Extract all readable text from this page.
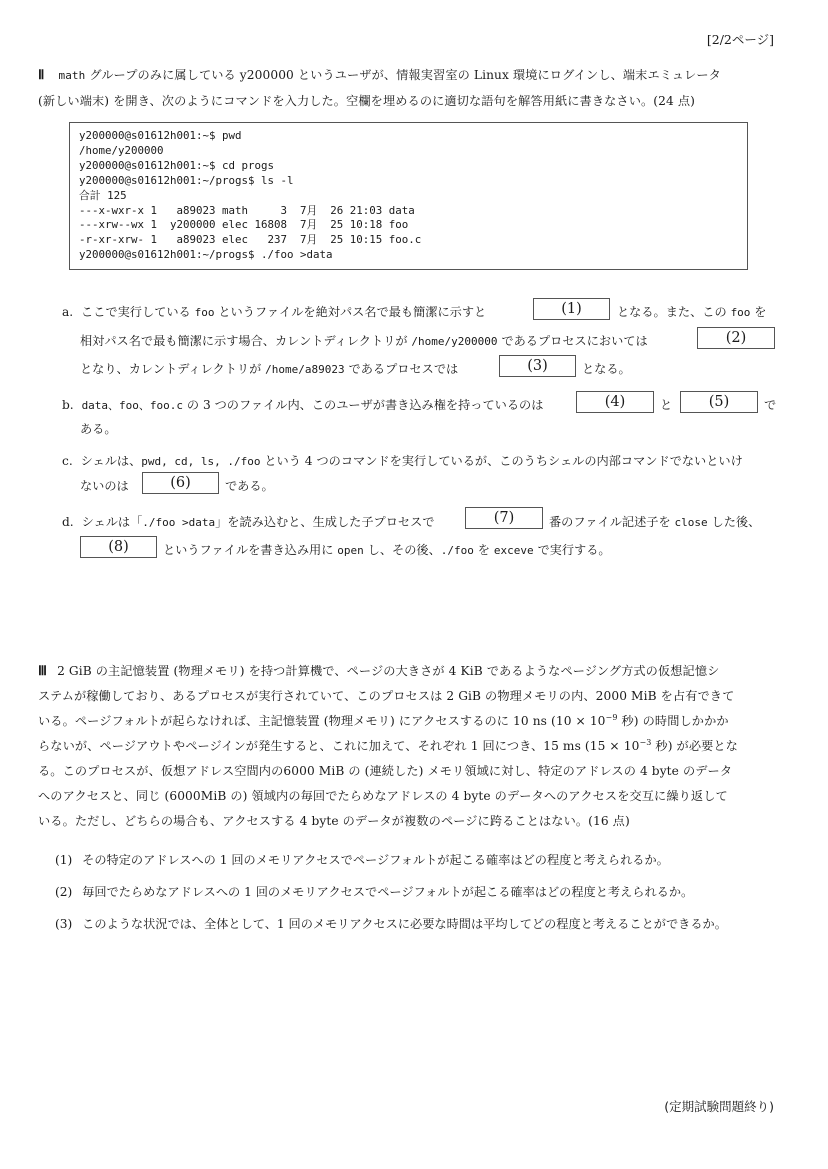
[2/2ページ]
Ⅱ math グループのみに属している y200000 というユーザが、情報実習室の Linux 環境にログインし、端末エミュレータ
(新しい端末) を開き、次のようにコマンドを入力した。空欄を埋めるのに適切な語句を解答用紙に書きなさい。(24 点)
y200000@s01612h001:~$ pwd
/home/y200000
y200000@s01612h001:~$ cd progs
y200000@s01612h001:~/progs$ ls -l
合計 125
---x-wxr-x 1   a89023 math     3  7月  26 21:03 data
---xrw--wx 1  y200000 elec 16808  7月  25 10:18 foo
-r-xr-xrw- 1   a89023 elec   237  7月  25 10:15 foo.c
y200000@s01612h001:~/progs$ ./foo >data
a. ここで実行している foo というファイルを絶対パス名で最も簡潔に示すと	(1)	となる。また、この foo を
相対パス名で最も簡潔に示す場合、カレントディレクトリが /home/y200000 であるプロセスにおいては	(2)
となり、カレントディレクトリが /home/a89023 であるプロセスでは	(3)	となる。
b. data、foo、foo.c の 3 つのファイル内、このユーザが書き込み権を持っているのは	(4)	と	(5)	で
ある。
c. シェルは、pwd, cd, ls, ./foo という 4 つのコマンドを実行しているが、このうちシェルの内部コマンドでないといけ
ないのは	(6)	である。
d. シェルは「./foo >data」を読み込むと、生成した子プロセスで	(7)	番のファイル記述子を close した後、
(8)	というファイルを書き込み用に open し、その後、./foo を exceve で実行する。
Ⅲ 2 GiB の主記憶装置 (物理メモリ) を持つ計算機で、ページの大きさが 4 KiB であるようなページング方式の仮想記憶シ
ステムが稼働しており、あるプロセスが実行されていて、このプロセスは 2 GiB の物理メモリの内、2000 MiB を占有できて
いる。ページフォルトが起らなければ、主記憶装置 (物理メモリ) にアクセスするのに 10 ns ($10 \times 10^{-9}$ 秒) の時間しかかか
らないが、ページアウトやページインが発生すると、これに加えて、それぞれ 1 回につき、15 ms ($15 \times 10^{-3}$ 秒) が必要とな
る。このプロセスが、仮想アドレス空間内の6000 MiB の (連続した) メモリ領域に対し、特定のアドレスの 4 byte のデータ
へのアクセスと、同じ (6000MiB の) 領域内の毎回でたらめなアドレスの 4 byte のデータへのアクセスを交互に繰り返して
いる。ただし、どちらの場合も、アクセスする 4 byte のデータが複数のページに跨ることはない。(16 点)
(1) その特定のアドレスへの 1 回のメモリアクセスでページフォルトが起こる確率はどの程度と考えられるか。
(2) 毎回でたらめなアドレスへの 1 回のメモリアクセスでページフォルトが起こる確率はどの程度と考えられるか。
(3) このような状況では、全体として、1 回のメモリアクセスに必要な時間は平均してどの程度と考えることができるか。
(定期試験問題終り)
